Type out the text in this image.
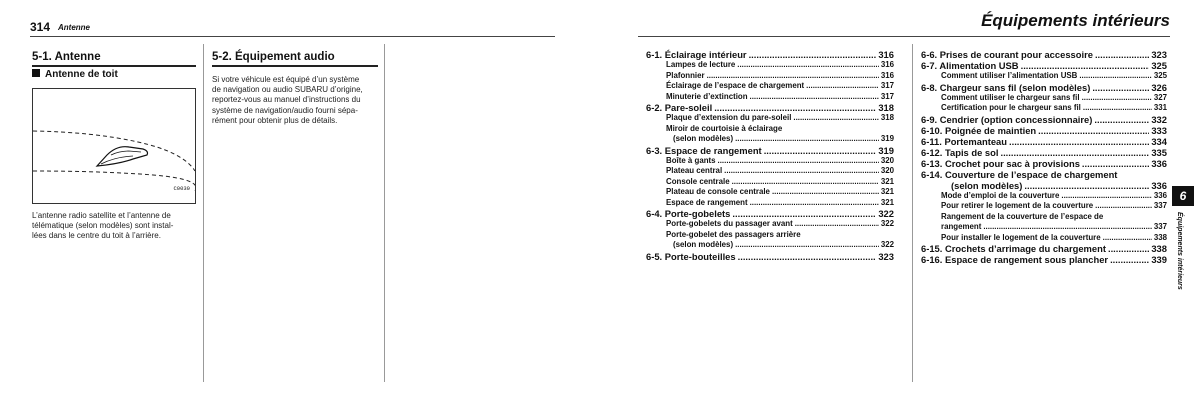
314 Antenne
5-1. Antenne
Antenne de toit
C0030
L’antenne radio satellite et l’antenne de
télématique (selon modèles) sont instal-
lées dans le centre du toit à l’arrière.
5-2. Équipement audio
Si votre véhicule est équipé d’un système
de navigation ou audio SUBARU d’origine,
reportez-vous au manuel d’instructions du
système de navigation/audio fourni sépa-
rément pour obtenir plus de détails.
Équipements intérieurs
6-1. Éclairage intérieur .....	316
Lampes de lecture .....	316
Plafonnier .....	316
Éclairage de l’espace de chargement .....	317
Minuterie d’extinction .....	317
6-2. Pare-soleil .....	318
Plaque d’extension du pare-soleil .....	318
Miroir de courtoisie à éclairage
(selon modèles) .....	319
6-3. Espace de rangement .....	319
Boîte à gants .....	320
Plateau central .....	320
Console centrale .....	321
Plateau de console centrale .....	321
Espace de rangement .....	321
6-4. Porte-gobelets .....	322
Porte-gobelets du passager avant .....	322
Porte-gobelet des passagers arrière
(selon modèles) .....	322
6-5. Porte-bouteilles .....	323
6-6. Prises de courant pour accessoire .....	323
6-7. Alimentation USB .....	325
Comment utiliser l’alimentation USB .....	325
6-8. Chargeur sans fil (selon modèles) .....	326
Comment utiliser le chargeur sans fil .....	327
Certification pour le chargeur sans fil .....	331
6-9. Cendrier (option concessionnaire) .....	332
6-10. Poignée de maintien .....	333
6-11. Portemanteau .....	334
6-12. Tapis de sol .....	335
6-13. Crochet pour sac à provisions .....	336
6-14. Couverture de l’espace de chargement
(selon modèles) .....	336
Mode d’emploi de la couverture .....	336
Pour retirer le logement de la couverture .....	337
Rangement de la couverture de l’espace de
rangement .....	337
Pour installer le logement de la couverture .....	338
6-15. Crochets d’arrimage du chargement .....	338
6-16. Espace de rangement sous plancher .....	339
6
Équipements intérieurs
